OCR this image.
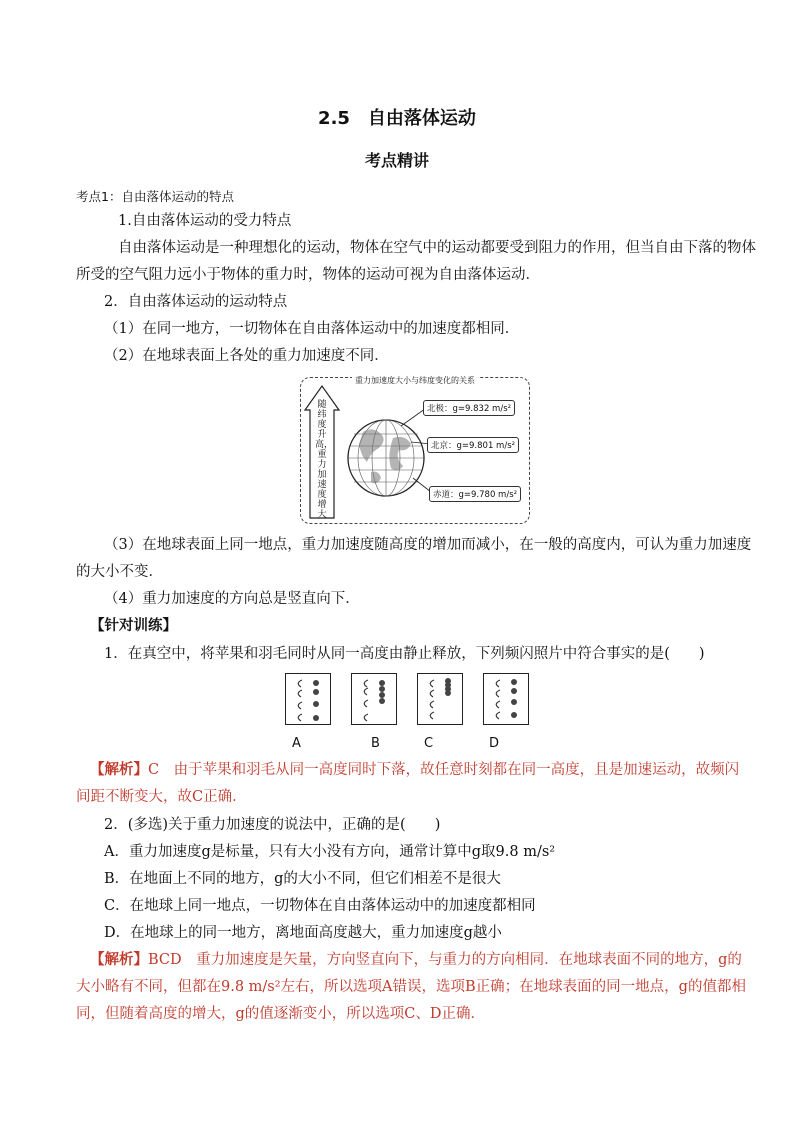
2.5　自由落体运动
考点精讲
考点1：自由落体运动的特点
1.自由落体运动的受力特点
自由落体运动是一种理想化的运动，物体在空气中的运动都要受到阻力的作用，但当自由下落的物体
所受的空气阻力远小于物体的重力时，物体的运动可视为自由落体运动．
2．自由落体运动的运动特点
（1）在同一地方，一切物体在自由落体运动中的加速度都相同．
（2）在地球表面上各处的重力加速度不同．
重力加速度大小与纬度变化的关系
随纬度升高，重力加速度增大
北极：g=9.832 m/s²
北京：g=9.801 m/s²
赤道：g=9.780 m/s²
（3）在地球表面上同一地点，重力加速度随高度的增加而减小，在一般的高度内，可认为重力加速度
的大小不变．
（4）重力加速度的方向总是竖直向下．
【针对训练】
1．在真空中，将苹果和羽毛同时从同一高度由静止释放，下列频闪照片中符合事实的是(　　)
A	B	C	D
【解析】C　由于苹果和羽毛从同一高度同时下落，故任意时刻都在同一高度，且是加速运动，故频闪
间距不断变大，故C正确．
2．(多选)关于重力加速度的说法中，正确的是(　　)
A．重力加速度g是标量，只有大小没有方向，通常计算中g取9.8 m/s²
B．在地面上不同的地方，g的大小不同，但它们相差不是很大
C．在地球上同一地点，一切物体在自由落体运动中的加速度都相同
D．在地球上的同一地方，离地面高度越大，重力加速度g越小
【解析】BCD　重力加速度是矢量，方向竖直向下，与重力的方向相同．在地球表面不同的地方，g的
大小略有不同，但都在9.8 m/s²左右，所以选项A错误，选项B正确；在地球表面的同一地点，g的值都相
同，但随着高度的增大，g的值逐渐变小，所以选项C、D正确．
